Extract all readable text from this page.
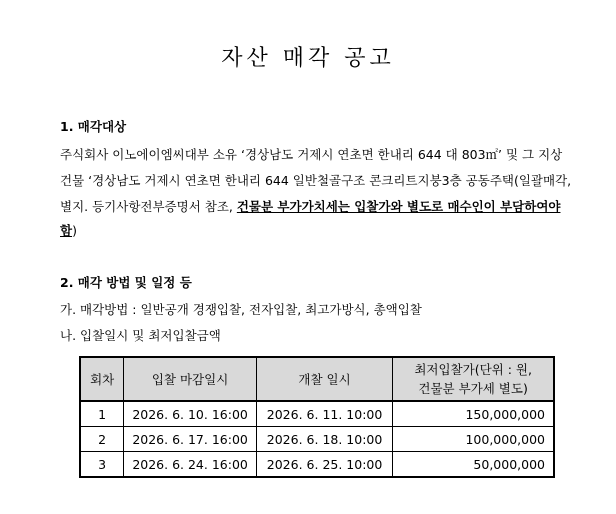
자산 매각 공고
1. 매각대상
주식회사 이노에이엠씨대부 소유 ‘경상남도 거제시 연초면 한내리 644 대 803㎡’ 및 그 지상
건물 ‘경상남도 거제시 연초면 한내리 644 일반철골구조 콘크리트지붕3층 공동주택(일괄매각,
별지. 등기사항전부증명서 참조, 건물분 부가가치세는 입찰가와 별도로 매수인이 부담하여야
함)
2. 매각 방법 및 일정 등
가. 매각방법 : 일반공개 경쟁입찰, 전자입찰, 최고가방식, 총액입찰
나. 입찰일시 및 최저입찰금액
회차	입찰 마감일시	개찰 일시	최저입찰가(단위 : 원,
건물분 부가세 별도)

1	2026. 6. 10. 16:00	2026. 6. 11. 10:00	150,000,000
2	2026. 6. 17. 16:00	2026. 6. 18. 10:00	100,000,000
3	2026. 6. 24. 16:00	2026. 6. 25. 10:00	50,000,000
